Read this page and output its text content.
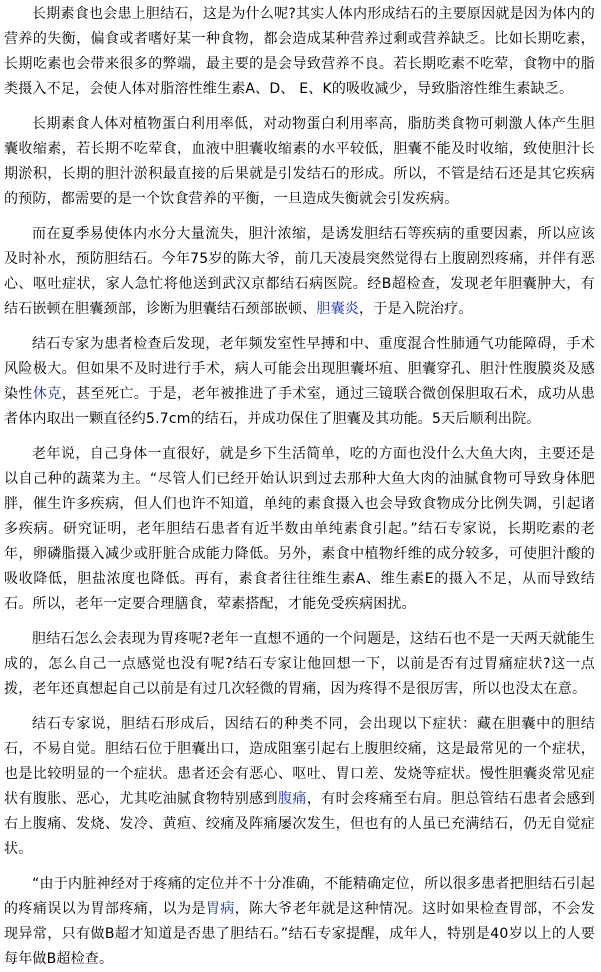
长期素食也会患上胆结石，这是为什么呢?其实人体内形成结石的主要原因就是因为体内的营养的失衡，偏食或者嗜好某一种食物，都会造成某种营养过剩或营养缺乏。比如长期吃素，长期吃素也会带来很多的弊端，最主要的是会导致营养不良。若长期吃素不吃荤，食物中的脂类摄入不足，会使人体对脂溶性维生素A、D、 E、K的吸收减少，导致脂溶性维生素缺乏。

长期素食人体对植物蛋白利用率低，对动物蛋白利用率高，脂肪类食物可刺激人体产生胆囊收缩素，若长期不吃荤食，血液中胆囊收缩素的水平较低，胆囊不能及时收缩，致使胆汁长期淤积，长期的胆汁淤积最直接的后果就是引发结石的形成。所以，不管是结石还是其它疾病的预防，都需要的是一个饮食营养的平衡，一旦造成失衡就会引发疾病。

而在夏季易使体内水分大量流失，胆汁浓缩，是诱发胆结石等疾病的重要因素，所以应该及时补水，预防胆结石。今年75岁的陈大爷，前几天凌晨突然觉得右上腹剧烈疼痛，并伴有恶心、呕吐症状，家人急忙将他送到武汉京都结石病医院。经B超检查，发现老年胆囊肿大，有结石嵌顿在胆囊颈部，诊断为胆囊结石颈部嵌顿、胆囊炎，于是入院治疗。

结石专家为患者检查后发现，老年频发室性早搏和中、重度混合性肺通气功能障碍，手术风险极大。但如果不及时进行手术，病人可能会出现胆囊坏疽、胆囊穿孔、胆汁性腹膜炎及感染性休克，甚至死亡。于是，老年被推进了手术室，通过三镜联合微创保胆取石术，成功从患者体内取出一颗直径约5.7cm的结石，并成功保住了胆囊及其功能。5天后顺利出院。

老年说，自己身体一直很好，就是乡下生活简单，吃的方面也没什么大鱼大肉，主要还是以自己种的蔬菜为主。“尽管人们已经开始认识到过去那种大鱼大肉的油腻食物可导致身体肥胖，催生许多疾病，但人们也许不知道，单纯的素食摄入也会导致食物成分比例失调，引起诸多疾病。研究证明，老年胆结石患者有近半数由单纯素食引起。”结石专家说，长期吃素的老年，卵磷脂摄入减少或肝脏合成能力降低。另外，素食中植物纤维的成分较多，可使胆汁酸的吸收降低，胆盐浓度也降低。再有，素食者往往维生素A、维生素E的摄入不足，从而导致结石。所以，老年一定要合理膳食，荤素搭配，才能免受疾病困扰。

胆结石怎么会表现为胃疼呢?老年一直想不通的一个问题是，这结石也不是一天两天就能生成的，怎么自己一点感觉也没有呢?结石专家让他回想一下，以前是否有过胃痛症状?这一点拨，老年还真想起自己以前是有过几次轻微的胃痛，因为疼得不是很厉害，所以也没太在意。

结石专家说，胆结石形成后，因结石的种类不同，会出现以下症状：藏在胆囊中的胆结石，不易自觉。胆结石位于胆囊出口，造成阻塞引起右上腹胆绞痛，这是最常见的一个症状，也是比较明显的一个症状。患者还会有恶心、呕吐、胃口差、发烧等症状。慢性胆囊炎常见症状有腹胀、恶心，尤其吃油腻食物特别感到腹痛，有时会疼痛至右肩。胆总管结石患者会感到右上腹痛、发烧、发冷、黄疸、绞痛及阵痛屡次发生，但也有的人虽已充满结石，仍无自觉症状。

“由于内脏神经对于疼痛的定位并不十分准确，不能精确定位，所以很多患者把胆结石引起的疼痛误以为胃部疼痛，以为是胃病，陈大爷老年就是这种情况。这时如果检查胃部，不会发现异常，只有做B超才知道是否患了胆结石。”结石专家提醒，成年人，特别是40岁以上的人要每年做B超检查。
